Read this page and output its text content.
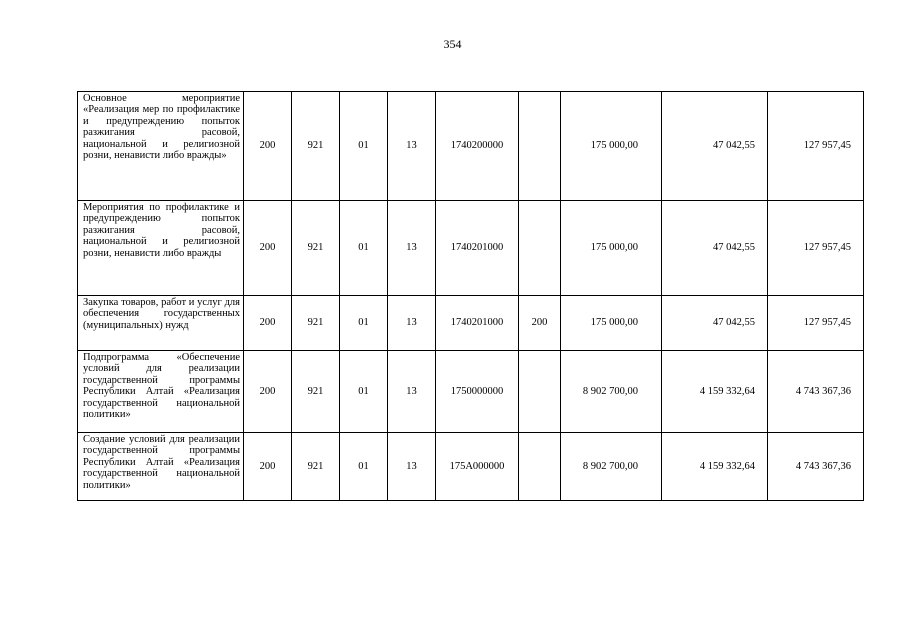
354
Основное мероприятие «Реализация мер по профилактике и предупреждению попыток разжигания расовой, национальной и религиозной розни, ненависти либо вражды»	200	921	01	13	1740200000		175 000,00	47 042,55	127 957,45
Мероприятия по профилактике и предупреждению попыток разжигания расовой, национальной и религиозной розни, ненависти либо вражды	200	921	01	13	1740201000		175 000,00	47 042,55	127 957,45
Закупка товаров, работ и услуг для обеспечения государственных (муниципальных) нужд	200	921	01	13	1740201000	200	175 000,00	47 042,55	127 957,45
Подпрограмма «Обеспечение условий для реализации государственной программы Республики Алтай «Реализация государственной национальной политики»	200	921	01	13	1750000000		8 902 700,00	4 159 332,64	4 743 367,36
Создание условий для реализации государственной программы Республики Алтай «Реализация государственной национальной политики»	200	921	01	13	175А000000		8 902 700,00	4 159 332,64	4 743 367,36
